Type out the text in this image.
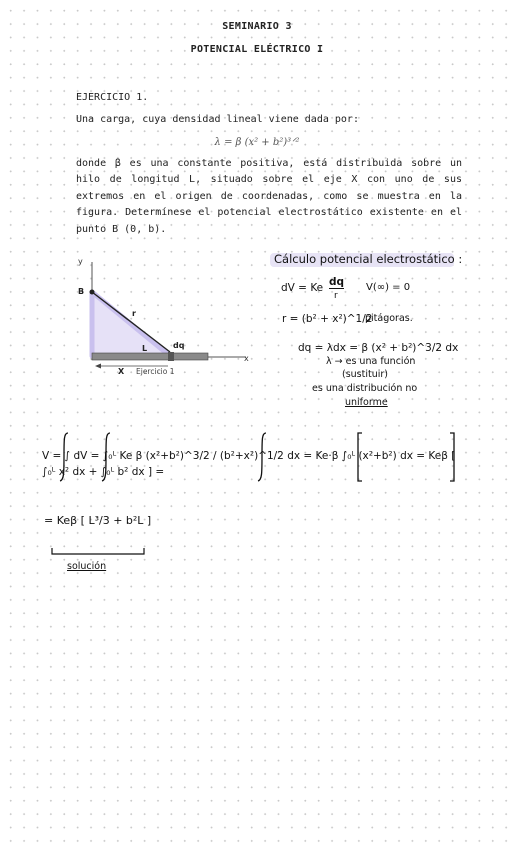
SEMINARIO 3
POTENCIAL ELÉCTRICO I
EJERCICIO 1.
Una carga, cuya densidad lineal viene dada por:
λ = β (x² + b²)³ᐟ²
donde β es una constante positiva, está distribuida sobre un hilo de longitud L, situado sobre el eje X con uno de sus extremos en el origen de coordenadas, como se muestra en la figura. Determínese el potencial electrostático existente en el punto B (0, b).
y
x
B
r
L	dq
X Ejercicio 1
Cálculo potencial electrostático :
dV = Ke dq
r
V(∞) = 0
r = (b² + x²)^1/2
pitágoras.
dq = λdx = β (x² + b²)^3/2 dx
λ → es una función
(sustituir)
es una distribución no
uniforme
V = ∫ dV = ∫₀ᴸ Ke β (x²+b²)^3/2 / (b²+x²)^1/2 dx = Ke·β ∫₀ᴸ (x²+b²) dx = Keβ [ ∫₀ᴸ x² dx + ∫₀ᴸ b² dx ] =
= Keβ [ L³/3 + b²L ]
solución
